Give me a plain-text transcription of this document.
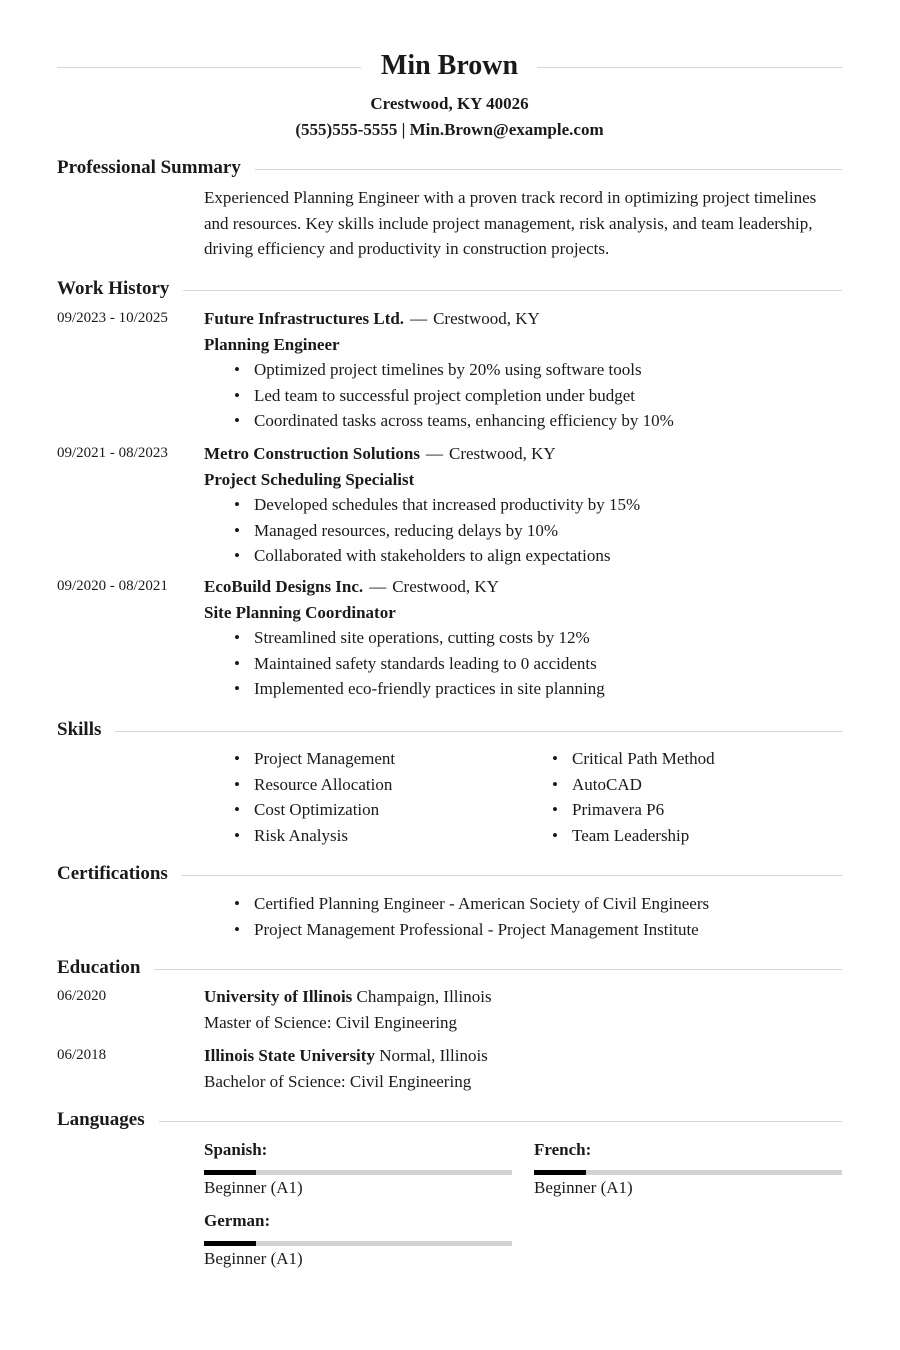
Min Brown
Crestwood, KY 40026
(555)555-5555 | Min.Brown@example.com
Professional Summary
Experienced Planning Engineer with a proven track record in optimizing project timelines and resources. Key skills include project management, risk analysis, and team leadership, driving efficiency and productivity in construction projects.
Work History
09/2023 - 10/2025 Future Infrastructures Ltd. — Crestwood, KY
Planning Engineer
• Optimized project timelines by 20% using software tools
• Led team to successful project completion under budget
• Coordinated tasks across teams, enhancing efficiency by 10%
09/2021 - 08/2023 Metro Construction Solutions — Crestwood, KY
Project Scheduling Specialist
• Developed schedules that increased productivity by 15%
• Managed resources, reducing delays by 10%
• Collaborated with stakeholders to align expectations
09/2020 - 08/2021 EcoBuild Designs Inc. — Crestwood, KY
Site Planning Coordinator
• Streamlined site operations, cutting costs by 12%
• Maintained safety standards leading to 0 accidents
• Implemented eco-friendly practices in site planning
Skills
• Project Management
• Resource Allocation
• Cost Optimization
• Risk Analysis
• Critical Path Method
• AutoCAD
• Primavera P6
• Team Leadership
Certifications
• Certified Planning Engineer - American Society of Civil Engineers
• Project Management Professional - Project Management Institute
Education
06/2020	University of Illinois Champaign, Illinois
Master of Science: Civil Engineering
06/2018	Illinois State University Normal, Illinois
Bachelor of Science: Civil Engineering
Languages
Spanish:
Beginner (A1)
French:
Beginner (A1)
German:
Beginner (A1)
